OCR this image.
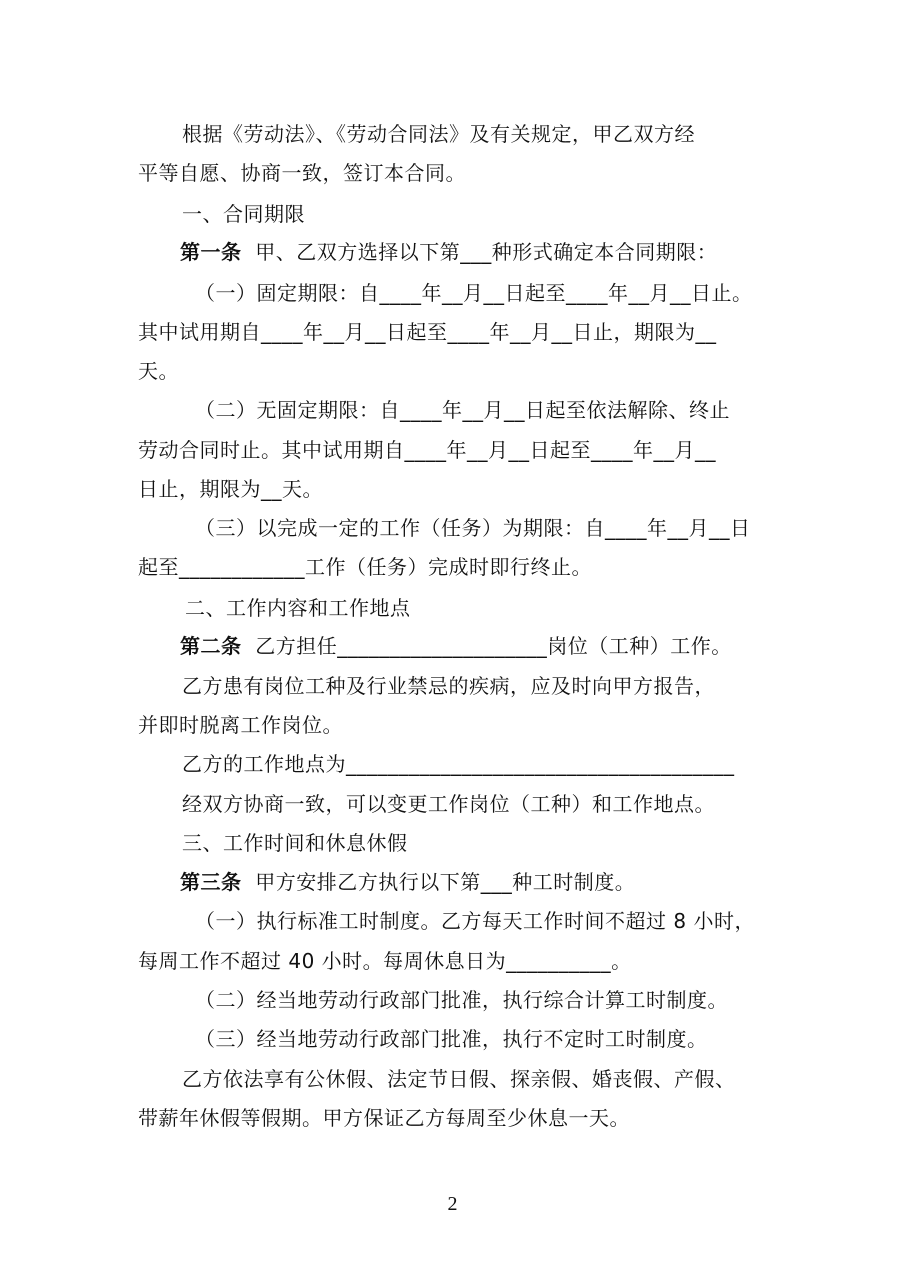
根据《劳动法》、《劳动合同法》及有关规定，甲乙双方经
平等自愿、协商一致，签订本合同。
一、合同期限
第一条 甲、乙双方选择以下第___种形式确定本合同期限：
（一）固定期限：自____年__月__日起至____年__月__日止。
其中试用期自____年__月__日起至____年__月__日止，期限为__
天。
（二）无固定期限：自____年__月__日起至依法解除、终止
劳动合同时止。其中试用期自____年__月__日起至____年__月__
日止，期限为__天。
（三）以完成一定的工作（任务）为期限：自____年__月__日
起至____________工作（任务）完成时即行终止。
二、工作内容和工作地点
第二条 乙方担任____________________岗位（工种）工作。
乙方患有岗位工种及行业禁忌的疾病，应及时向甲方报告，
并即时脱离工作岗位。
乙方的工作地点为_____________________________________
经双方协商一致，可以变更工作岗位（工种）和工作地点。
三、工作时间和休息休假
第三条 甲方安排乙方执行以下第___种工时制度。
（一）执行标准工时制度。乙方每天工作时间不超过 8 小时，
每周工作不超过 40 小时。每周休息日为__________。
（二）经当地劳动行政部门批准，执行综合计算工时制度。
（三）经当地劳动行政部门批准，执行不定时工时制度。
乙方依法享有公休假、法定节日假、探亲假、婚丧假、产假、
带薪年休假等假期。甲方保证乙方每周至少休息一天。
2
